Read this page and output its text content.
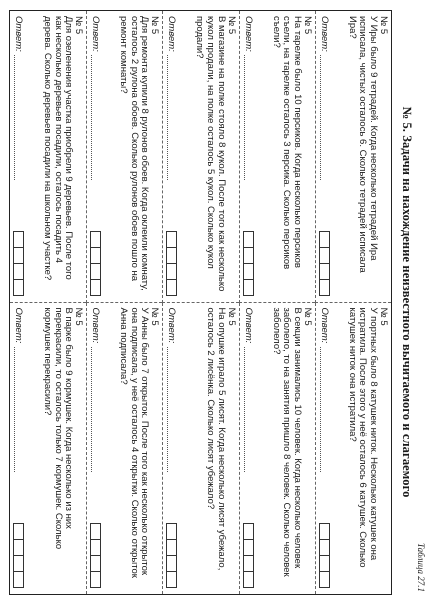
Таблица 27.1
№ 5. Задачи на нахождение неизвестного вычитаемого и слагаемого
№ 5
У Иры было 9 тетрадей. Когда несколько тетрадей Ира исписала, чистых осталось 6. Сколько тетрадей исписала Ира?
Ответ:
№ 5
У портных было 8 катушек ниток. Несколько катушек она истратила. После этого у неё осталось 6 катушек. Сколько катушек ниток она истратила?
Ответ:
№ 5
На тарелке было 10 персиков. Когда несколько персиков съели, на тарелке осталось 3 персика. Сколько персиков съели?
Ответ:
№ 5
В секции занимались 10 человек. Когда несколько человек заболело, то на занятия пришло 8 человек. Сколько человек заболело?
Ответ:
№ 5
В магазине на полке стояло 8 кукол. После того как несколько кукол продали, на полке осталось 5 кукол. Сколько кукол продали?
Ответ:
№ 5
На опушке играло 5 лисят. Когда несколько лисят убежало, осталось 2 лисёнка. Сколько лисят убежало?
Ответ:
№ 5
Для ремонта купили 8 рулонов обоев. Когда оклеили комнату, осталось 2 рулона обоев. Сколько рулонов обоев пошло на ремонт комнаты?
Ответ:
№ 5
У Анны было 7 открыток. После того как несколько открыток она подписала, у неё осталось 4 открытки. Сколько открыток Анна подписала?
Ответ:
№ 5
Для озеленения участка приобрели 9 деревьев. После того как несколько деревьев посадили, осталось посадить 4 дерева. Сколько деревьев посадили на школьном участке?
Ответ:
№ 5
В парке было 9 кормушек. Когда несколько из них перекрасили, то осталось только 7 кормушек. Сколько кормушек перекрасили?
Ответ:
